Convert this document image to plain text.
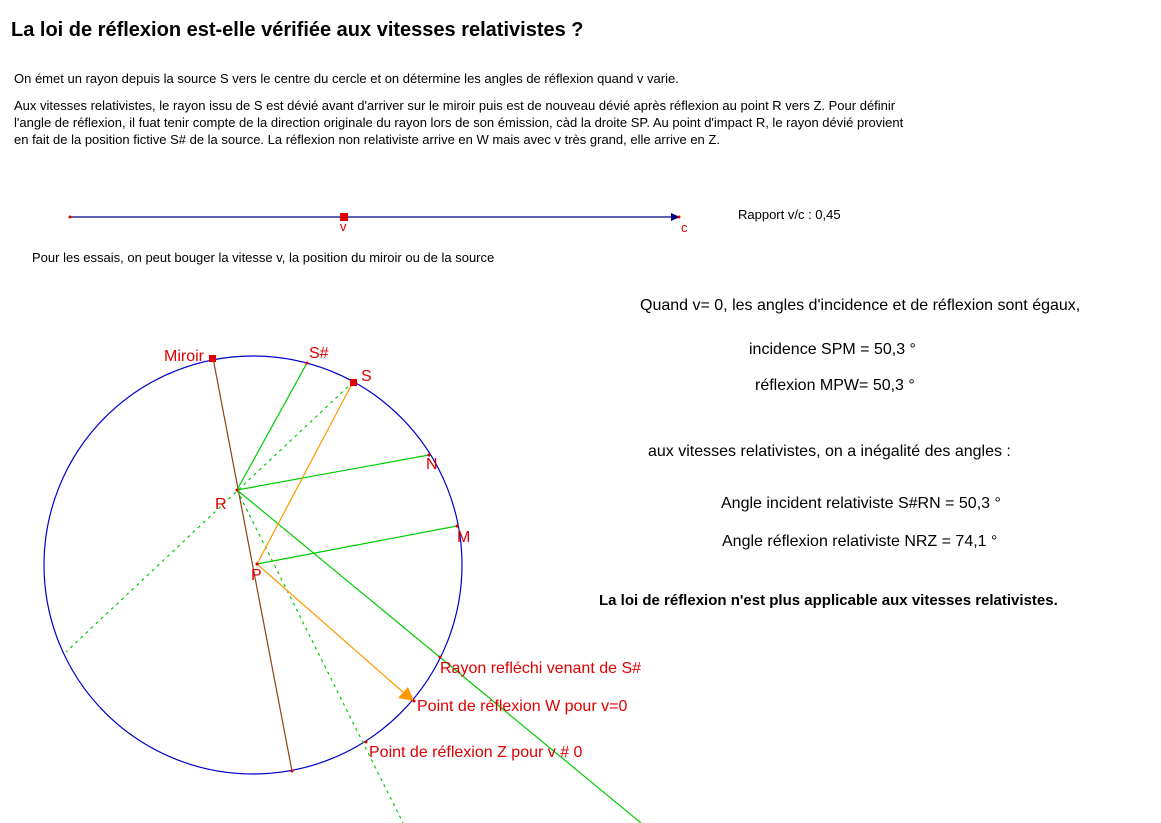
La loi de réflexion est-elle vérifiée aux vitesses relativistes ?
On émet un rayon depuis la source S vers le centre du cercle et on détermine les angles de réflexion quand v varie.
Aux vitesses relativistes, le rayon issu de S est dévié avant d'arriver sur le miroir puis est de nouveau dévié après réflexion au point R vers Z. Pour définir
l'angle de réflexion, il fuat tenir compte de la direction originale du rayon lors de son émission, càd la droite SP. Au point d'impact R, le rayon dévié provient
en fait de la position fictive S# de la source. La réflexion non relativiste arrive en W mais avec v très grand, elle arrive en Z.
v	c
Miroir	S#
S
N
R
M
P
Rayon refléchi venant de S#
Point de réflexion W pour v=0
Point de réflexion Z pour v # 0
Rapport v/c : 0,45
Pour les essais, on peut bouger la vitesse v, la position du miroir ou de la source
Quand v= 0, les angles d'incidence et de réflexion sont égaux,
incidence SPM = 50,3 °
réflexion MPW= 50,3 °
aux vitesses relativistes, on a inégalité des angles :
Angle incident relativiste S#RN = 50,3 °
Angle réflexion relativiste NRZ = 74,1 °
La loi de réflexion n'est plus applicable aux vitesses relativistes.
